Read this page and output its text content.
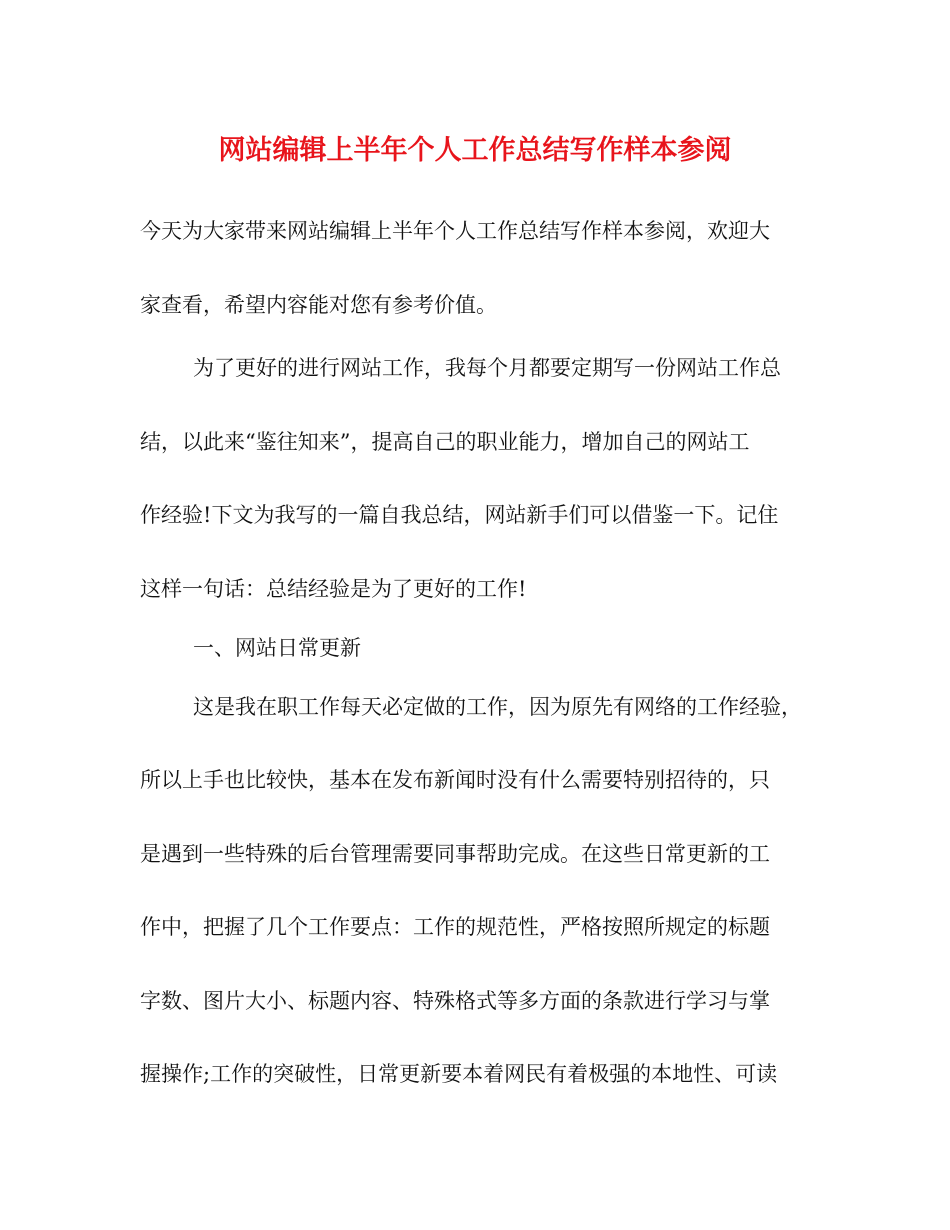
网站编辑上半年个人工作总结写作样本参阅
今天为大家带来网站编辑上半年个人工作总结写作样本参阅，欢迎大
家查看，希望内容能对您有参考价值。
为了更好的进行网站工作，我每个月都要定期写一份网站工作总
结，以此来“鉴往知来”，提高自己的职业能力，增加自己的网站工
作经验!下文为我写的一篇自我总结，网站新手们可以借鉴一下。记住
这样一句话：总结经验是为了更好的工作!
一、网站日常更新
这是我在职工作每天必定做的工作，因为原先有网络的工作经验，
所以上手也比较快，基本在发布新闻时没有什么需要特别招待的，只
是遇到一些特殊的后台管理需要同事帮助完成。在这些日常更新的工
作中，把握了几个工作要点：工作的规范性，严格按照所规定的标题
字数、图片大小、标题内容、特殊格式等多方面的条款进行学习与掌
握操作;工作的突破性，日常更新要本着网民有着极强的本地性、可读
